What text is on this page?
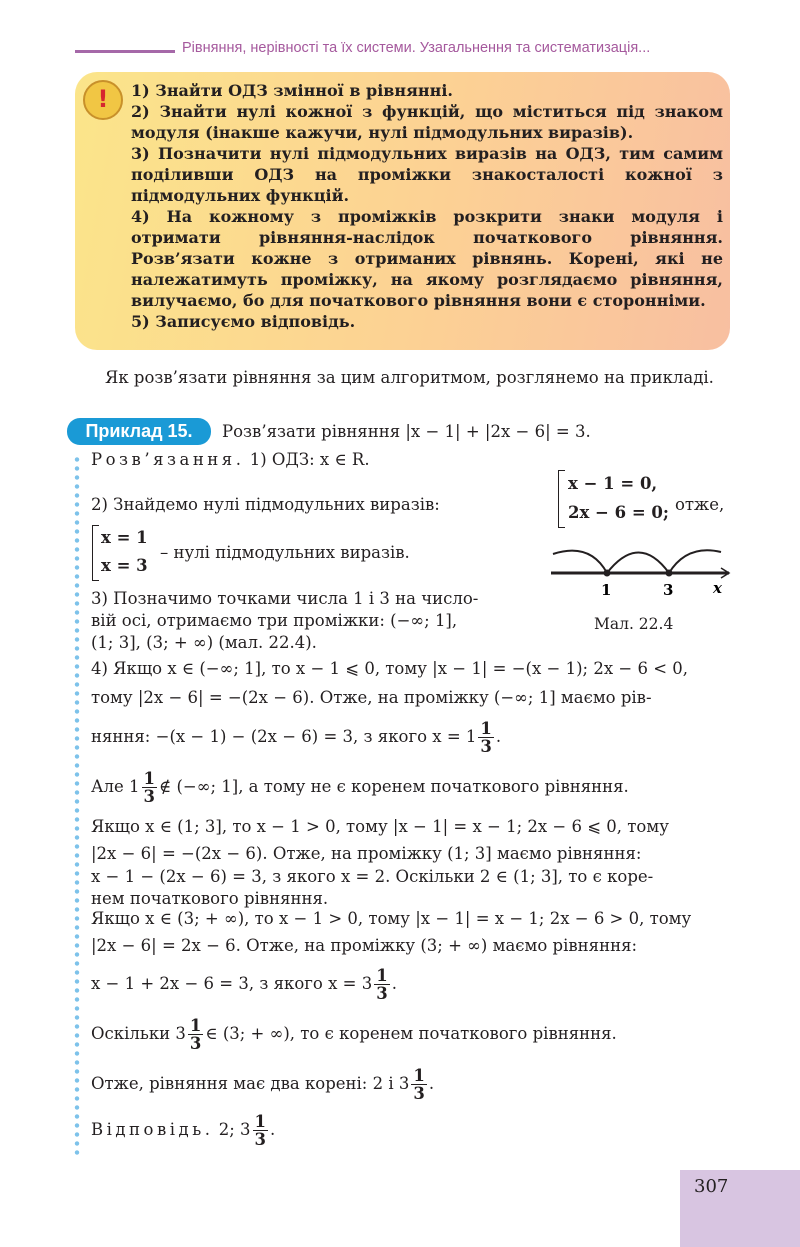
Рівняння, нерівності та їх системи. Узагальнення та систематизація...
!	1) Знайти ОДЗ змінної в рівнянні.

2) Знайти нулі кожної з функцій, що міститься під знаком модуля (інакше кажучи, нулі підмодульних виразів).

3) Позначити нулі підмодульних виразів на ОДЗ, тим самим поділивши ОДЗ на проміжки знакосталості кожної з підмодульних функцій.

4) На кожному з проміжків розкрити знаки модуля і отримати рівняння-наслідок початкового рівняння. Розв’язати кожне з отриманих рівнянь. Корені, які не належатимуть проміжку, на якому розглядаємо рівняння, вилучаємо, бо для початкового рівняння вони є сторонніми.

5) Записуємо відповідь.

Як розв’язати рівняння за цим алгоритмом, розглянемо на прикладі.

Приклад 15.	Розв’язати рівняння |x − 1| + |2x − 6| = 3.
Розв’язання. 1) ОДЗ: x ∈ R.
2) Знайдемо нулі підмодульних виразів:
x − 1 = 0,
2x − 6 = 0; отже,
x = 1
x = 3
– нулі підмодульних виразів.
1	3	x
Мал. 22.4
3) Позначимо точками числа 1 і 3 на число-
вій осі, отримаємо три проміжки: (−∞; 1],
(1; 3], (3; + ∞) (мал. 22.4).
4) Якщо x ∈ (−∞; 1], то x − 1 ⩽ 0, тому |x − 1| = −(x − 1); 2x − 6 < 0,
тому |2x − 6| = −(2x − 6). Отже, на проміжку (−∞; 1] маємо рів-
няння: −(x − 1) − (2x − 6) = 3, з якого $x = 1 \frac{1}{3}$ .
Але $1 \frac{1}{3}$ ∉ (−∞; 1], а тому не є коренем початкового рівняння.
Якщо x ∈ (1; 3], то x − 1 > 0, тому |x − 1| = x − 1; 2x − 6 ⩽ 0, тому
|2x − 6| = −(2x − 6). Отже, на проміжку (1; 3] маємо рівняння:
x − 1 − (2x − 6) = 3, з якого x = 2. Оскільки 2 ∈ (1; 3], то є коре-
нем початкового рівняння.
Якщо x ∈ (3; + ∞), то x − 1 > 0, тому |x − 1| = x − 1; 2x − 6 > 0, тому
|2x − 6| = 2x − 6. Отже, на проміжку (3; + ∞) маємо рівняння:
x − 1 + 2x − 6 = 3, з якого $x = 3 \frac{1}{3}$ .
Оскільки $3 \frac{1}{3}$ ∈ (3; + ∞), то є коренем початкового рівняння.
Отже, рівняння має два корені: 2 і $3 \frac{1}{3}$ .
Відповідь. 2; $3 \frac{1}{3}$ .
307
